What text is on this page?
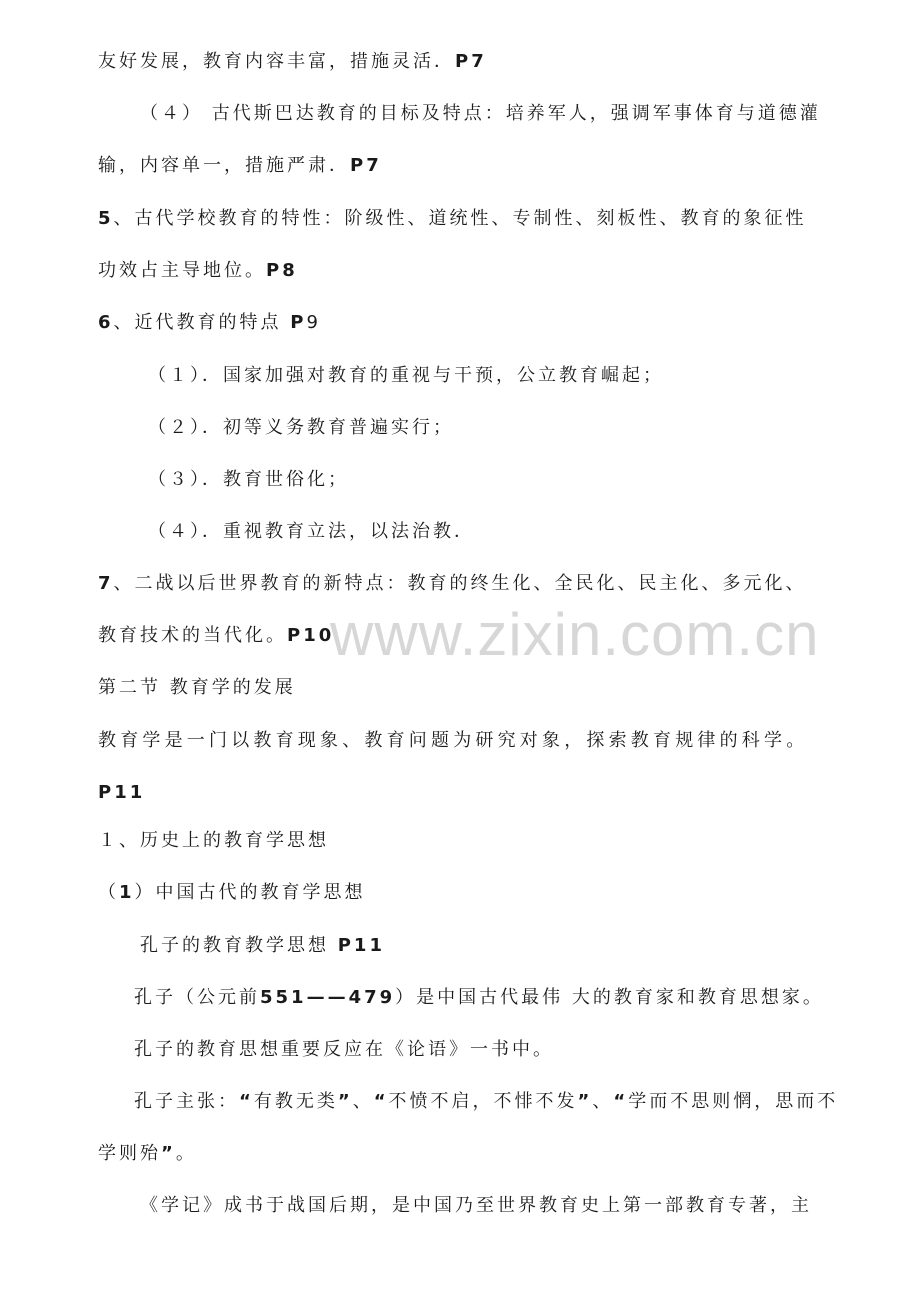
友好发展，教育内容丰富，措施灵活．P7
（４） 古代斯巴达教育的目标及特点：培养军人，强调军事体育与道德灌
输，内容单一，措施严肃．P7
5、古代学校教育的特性：阶级性、道统性、专制性、刻板性、教育的象征性
功效占主导地位。P8
6、近代教育的特点 P9
（１）．国家加强对教育的重视与干预，公立教育崛起；
（２）．初等义务教育普遍实行；
（３）．教育世俗化；
（４）．重视教育立法，以法治教．
7、二战以后世界教育的新特点：教育的终生化、全民化、民主化、多元化、
教育技术的当代化。P10
第二节 教育学的发展
教育学是一门以教育现象、教育问题为研究对象，探索教育规律的科学。
P11
１、历史上的教育学思想
（1）中国古代的教育学思想
孔子的教育教学思想 P11
孔子（公元前551——479）是中国古代最伟 大的教育家和教育思想家。
孔子的教育思想重要反应在《论语》一书中。
孔子主张：“有教无类”、“不愤不启，不悱不发”、“学而不思则惘，思而不
学则殆”。
《学记》成书于战国后期，是中国乃至世界教育史上第一部教育专著，主
www.zixin.com.cn
